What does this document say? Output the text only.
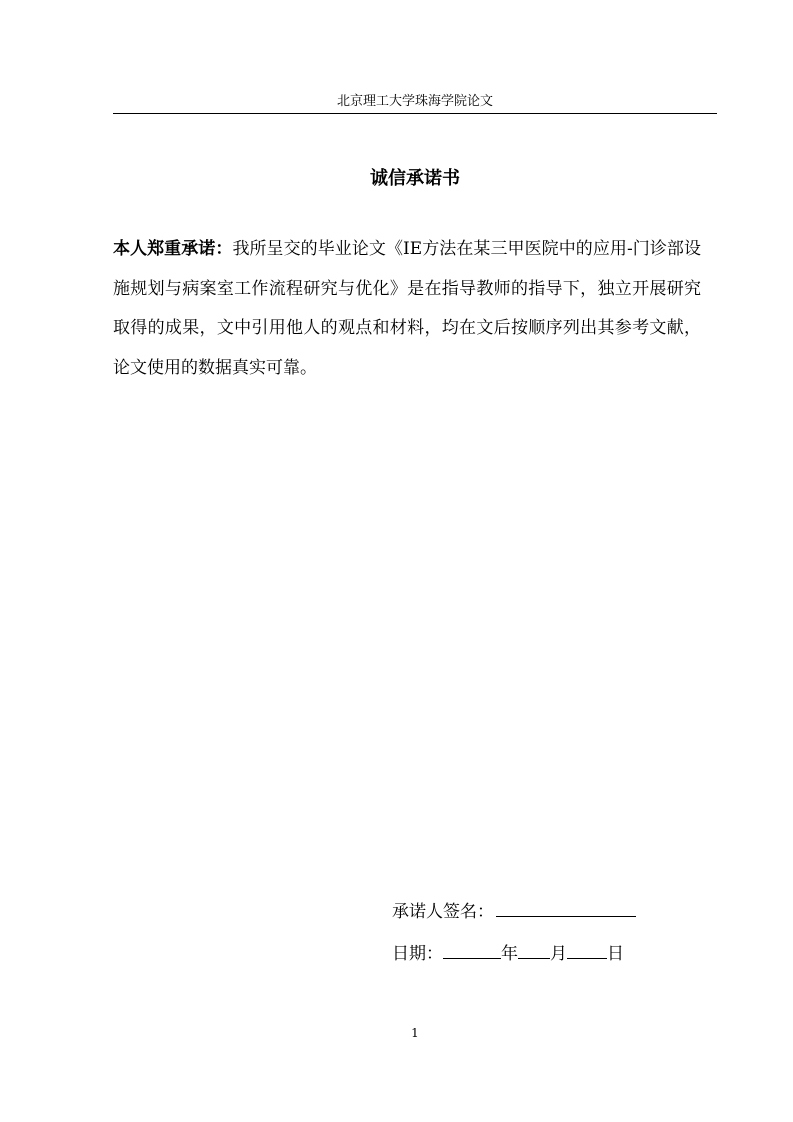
北京理工大学珠海学院论文
诚信承诺书
本人郑重承诺：我所呈交的毕业论文《IE方法在某三甲医院中的应用-门诊部设施规划与病案室工作流程研究与优化》是在指导教师的指导下，独立开展研究取得的成果，文中引用他人的观点和材料，均在文后按顺序列出其参考文献，论文使用的数据真实可靠。
承诺人签名：
日期：	年 月 日
1
